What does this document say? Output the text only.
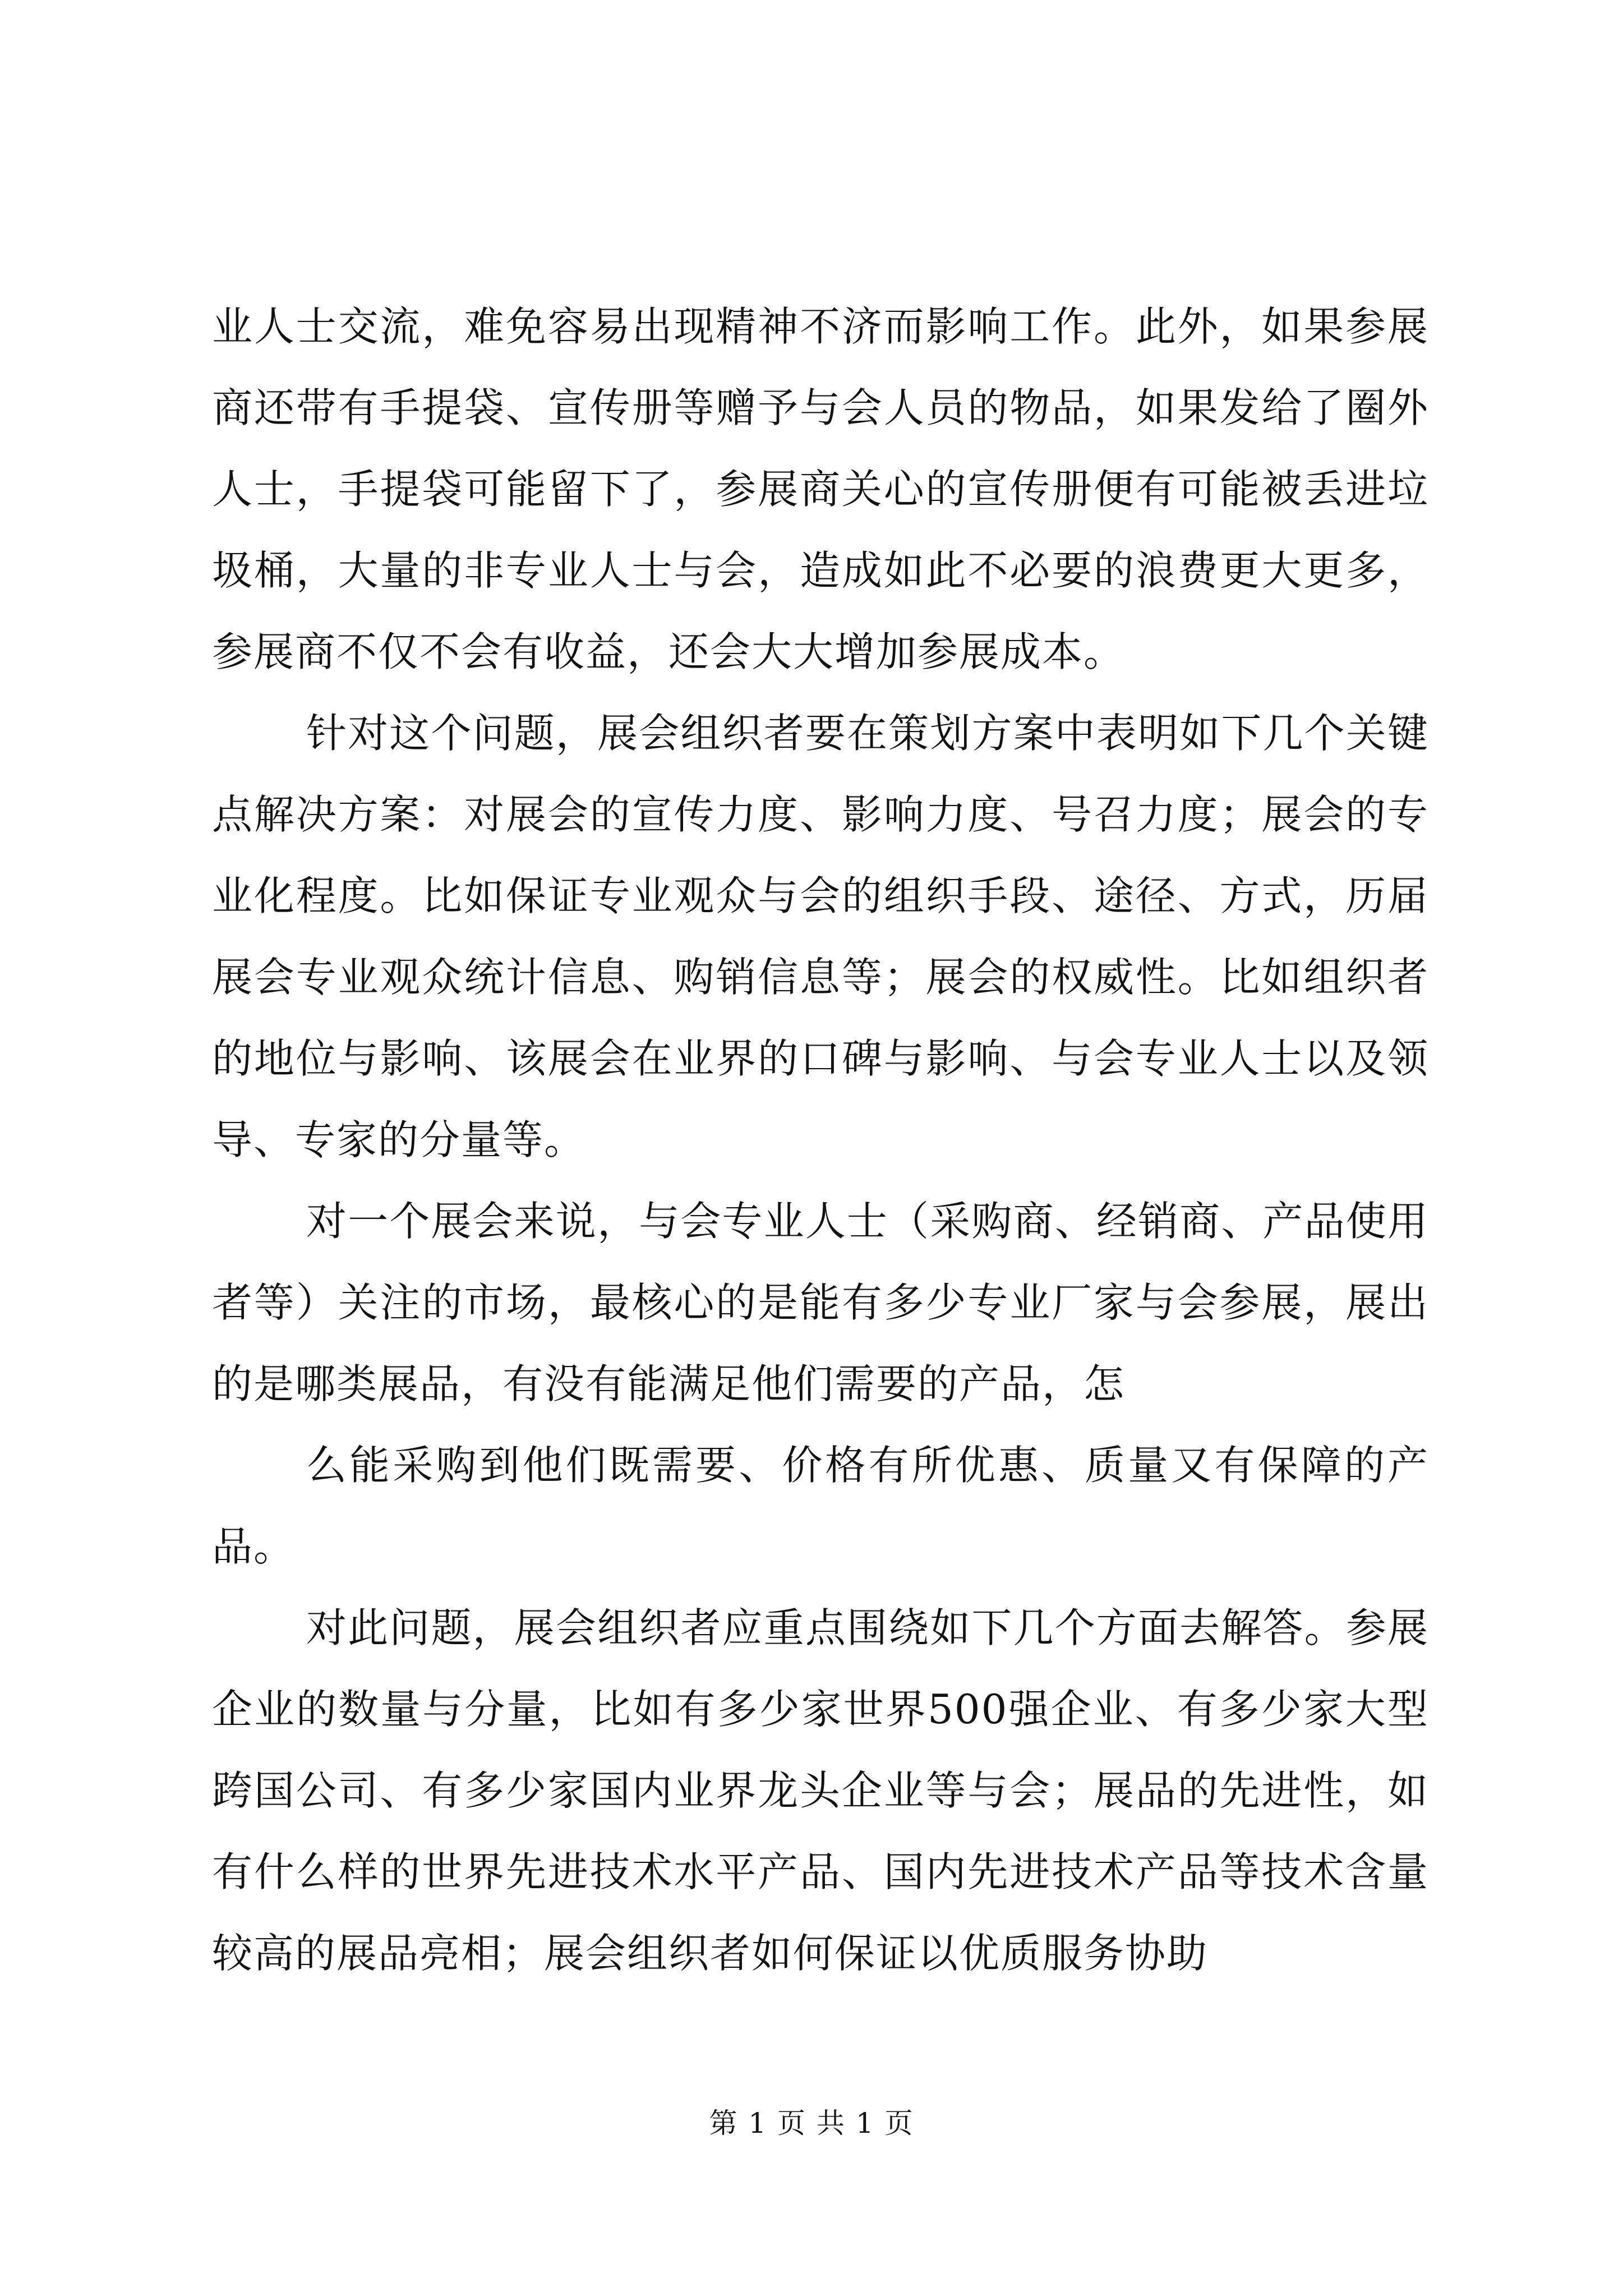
业人士交流，难免容易出现精神不济而影响工作。此外，如果参展商还带有手提袋、宣传册等赠予与会人员的物品，如果发给了圈外人士，手提袋可能留下了，参展商关心的宣传册便有可能被丢进垃圾桶，大量的非专业人士与会，造成如此不必要的浪费更大更多，参展商不仅不会有收益，还会大大增加参展成本。

针对这个问题，展会组织者要在策划方案中表明如下几个关键点解决方案：对展会的宣传力度、影响力度、号召力度；展会的专业化程度。比如保证专业观众与会的组织手段、途径、方式，历届展会专业观众统计信息、购销信息等；展会的权威性。比如组织者的地位与影响、该展会在业界的口碑与影响、与会专业人士以及领导、专家的分量等。

对一个展会来说，与会专业人士（采购商、经销商、产品使用者等）关注的市场，最核心的是能有多少专业厂家与会参展，展出的是哪类展品，有没有能满足他们需要的产品，怎

么能采购到他们既需要、价格有所优惠、质量又有保障的产品。

对此问题，展会组织者应重点围绕如下几个方面去解答。参展企业的数量与分量，比如有多少家世界500强企业、有多少家大型跨国公司、有多少家国内业界龙头企业等与会；展品的先进性，如有什么样的世界先进技术水平产品、国内先进技术产品等技术含量较高的展品亮相；展会组织者如何保证以优质服务协助

第 1 页 共 1 页
